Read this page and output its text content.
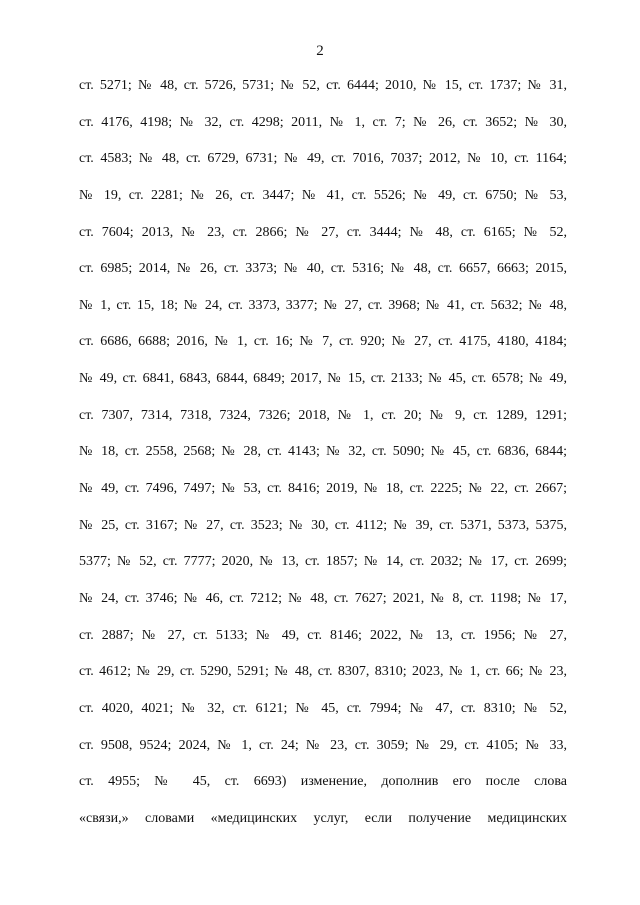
2
ст. 5271; № 48, ст. 5726, 5731; № 52, ст. 6444; 2010, № 15, ст. 1737; № 31,
ст. 4176, 4198; № 32, ст. 4298; 2011, № 1, ст. 7; № 26, ст. 3652; № 30,
ст. 4583; № 48, ст. 6729, 6731; № 49, ст. 7016, 7037; 2012, № 10, ст. 1164;
№ 19, ст. 2281; № 26, ст. 3447; № 41, ст. 5526; № 49, ст. 6750; № 53,
ст. 7604; 2013, № 23, ст. 2866; № 27, ст. 3444; № 48, ст. 6165; № 52,
ст. 6985; 2014, № 26, ст. 3373; № 40, ст. 5316; № 48, ст. 6657, 6663; 2015,
№ 1, ст. 15, 18; № 24, ст. 3373, 3377; № 27, ст. 3968; № 41, ст. 5632; № 48,
ст. 6686, 6688; 2016, № 1, ст. 16; № 7, ст. 920; № 27, ст. 4175, 4180, 4184;
№ 49, ст. 6841, 6843, 6844, 6849; 2017, № 15, ст. 2133; № 45, ст. 6578; № 49,
ст. 7307, 7314, 7318, 7324, 7326; 2018, № 1, ст. 20; № 9, ст. 1289, 1291;
№ 18, ст. 2558, 2568; № 28, ст. 4143; № 32, ст. 5090; № 45, ст. 6836, 6844;
№ 49, ст. 7496, 7497; № 53, ст. 8416; 2019, № 18, ст. 2225; № 22, ст. 2667;
№ 25, ст. 3167; № 27, ст. 3523; № 30, ст. 4112; № 39, ст. 5371, 5373, 5375,
5377; № 52, ст. 7777; 2020, № 13, ст. 1857; № 14, ст. 2032; № 17, ст. 2699;
№ 24, ст. 3746; № 46, ст. 7212; № 48, ст. 7627; 2021, № 8, ст. 1198; № 17,
ст. 2887; № 27, ст. 5133; № 49, ст. 8146; 2022, № 13, ст. 1956; № 27,
ст. 4612; № 29, ст. 5290, 5291; № 48, ст. 8307, 8310; 2023, № 1, ст. 66; № 23,
ст. 4020, 4021; № 32, ст. 6121; № 45, ст. 7994; № 47, ст. 8310; № 52,
ст. 9508, 9524; 2024, № 1, ст. 24; № 23, ст. 3059; № 29, ст. 4105; № 33,
ст. 4955; № 45, ст. 6693) изменение, дополнив его после слова
«связи,» словами «медицинских услуг, если получение медицинских
